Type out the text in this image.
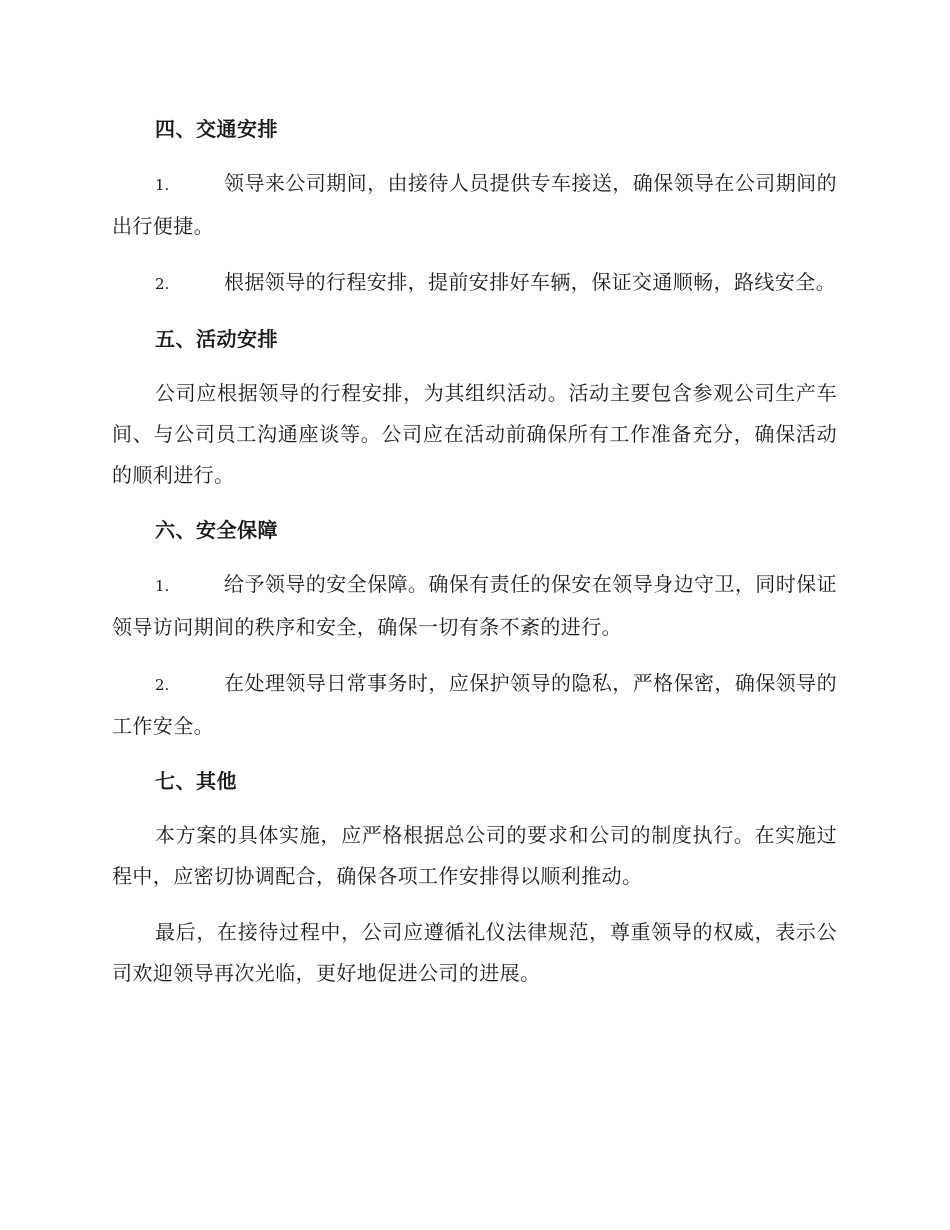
四、交通安排
1.	领导来公司期间，由接待人员提供专车接送，确保领导在公司期间的出行便捷。
2.	根据领导的行程安排，提前安排好车辆，保证交通顺畅，路线安全。
五、活动安排
公司应根据领导的行程安排，为其组织活动。活动主要包含参观公司生产车间、与公司员工沟通座谈等。公司应在活动前确保所有工作准备充分，确保活动的顺利进行。
六、安全保障
1.	给予领导的安全保障。确保有责任的保安在领导身边守卫，同时保证领导访问期间的秩序和安全，确保一切有条不紊的进行。
2.	在处理领导日常事务时，应保护领导的隐私，严格保密，确保领导的工作安全。
七、其他
本方案的具体实施，应严格根据总公司的要求和公司的制度执行。在实施过程中，应密切协调配合，确保各项工作安排得以顺利推动。
最后，在接待过程中，公司应遵循礼仪法律规范，尊重领导的权威，表示公司欢迎领导再次光临，更好地促进公司的进展。
